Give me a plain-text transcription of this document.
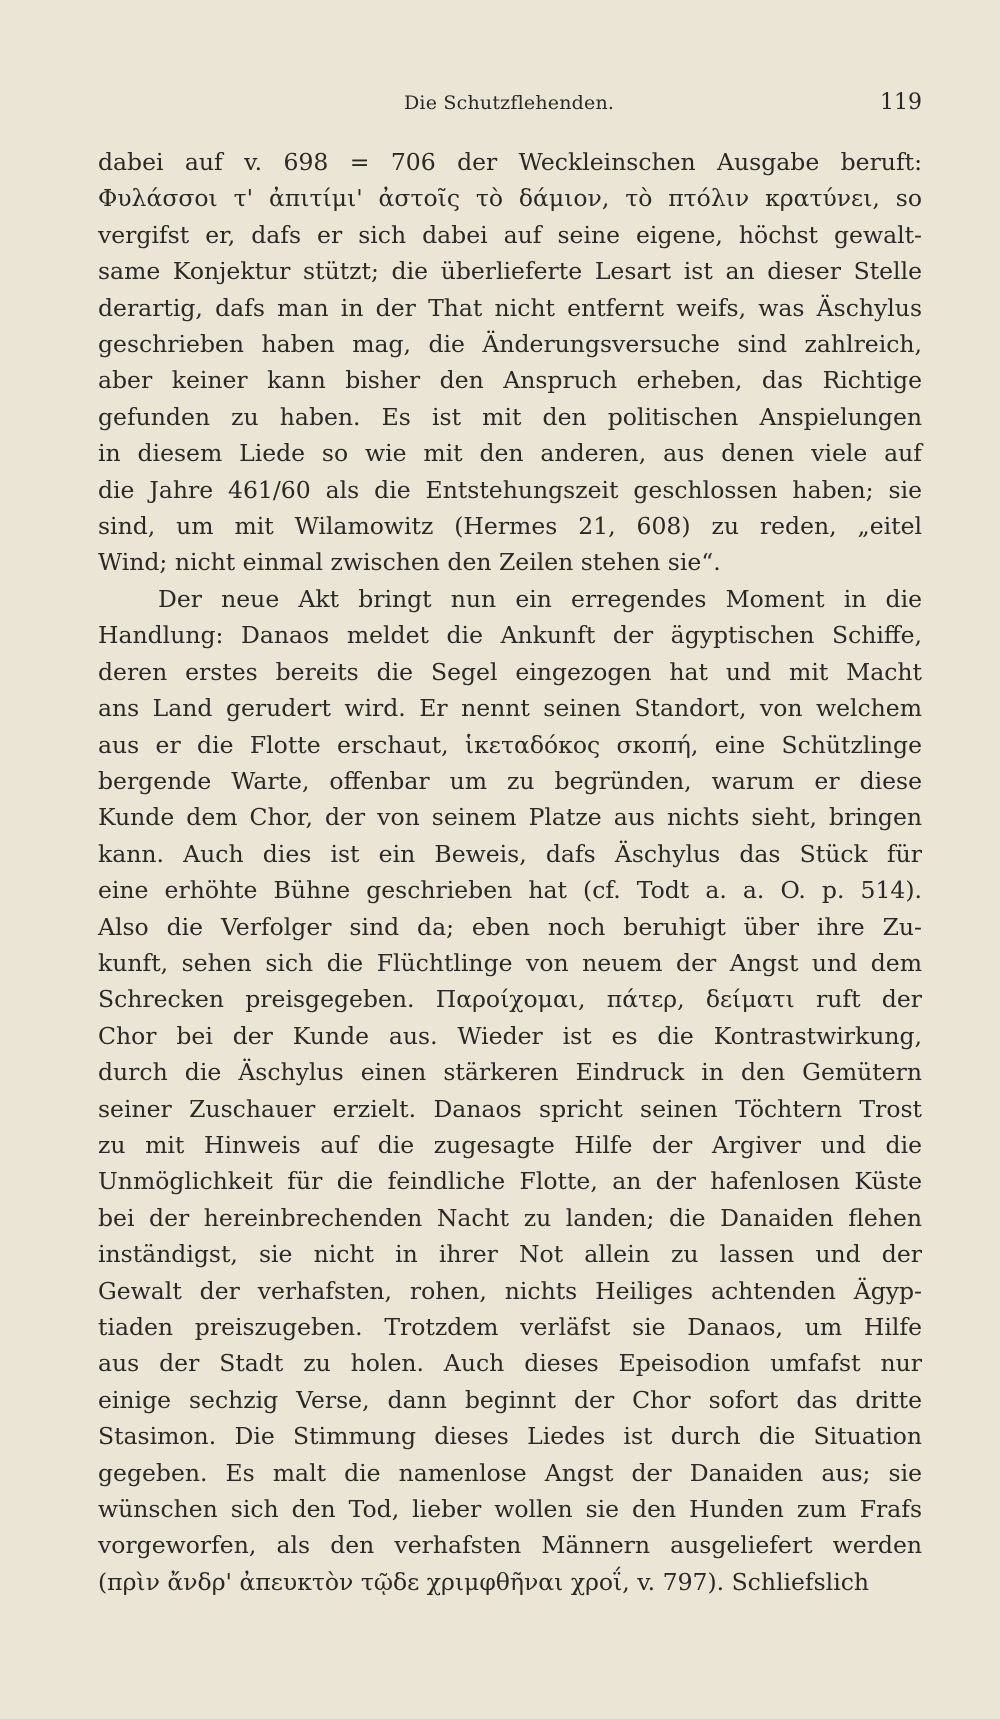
Die Schutzflehenden.	119

dabei auf v. 698 = 706 der Weckleinschen Ausgabe beruft:
Φυλάσσοι τ' ἀπιτίμι' ἀστοῖς τὸ δάμιον, τὸ πτόλιν κρατύνει, so
vergifst er, dafs er sich dabei auf seine eigene, höchst gewalt-
same Konjektur stützt; die überlieferte Lesart ist an dieser Stelle
derartig, dafs man in der That nicht entfernt weifs, was Äschylus
geschrieben haben mag, die Änderungsversuche sind zahlreich,
aber keiner kann bisher den Anspruch erheben, das Richtige
gefunden zu haben. Es ist mit den politischen Anspielungen
in diesem Liede so wie mit den anderen, aus denen viele auf
die Jahre 461/60 als die Entstehungszeit geschlossen haben; sie
sind, um mit Wilamowitz (Hermes 21, 608) zu reden, „eitel
Wind; nicht einmal zwischen den Zeilen stehen sie“.

Der neue Akt bringt nun ein erregendes Moment in die
Handlung: Danaos meldet die Ankunft der ägyptischen Schiffe,
deren erstes bereits die Segel eingezogen hat und mit Macht
ans Land gerudert wird. Er nennt seinen Standort, von welchem
aus er die Flotte erschaut, ἱκεταδόκος σκοπή, eine Schützlinge
bergende Warte, offenbar um zu begründen, warum er diese
Kunde dem Chor, der von seinem Platze aus nichts sieht, bringen
kann. Auch dies ist ein Beweis, dafs Äschylus das Stück für
eine erhöhte Bühne geschrieben hat (cf. Todt a. a. O. p. 514).
Also die Verfolger sind da; eben noch beruhigt über ihre Zu-
kunft, sehen sich die Flüchtlinge von neuem der Angst und dem
Schrecken preisgegeben. Παροίχομαι, πάτερ, δείματι ruft der
Chor bei der Kunde aus. Wieder ist es die Kontrastwirkung,
durch die Äschylus einen stärkeren Eindruck in den Gemütern
seiner Zuschauer erzielt. Danaos spricht seinen Töchtern Trost
zu mit Hinweis auf die zugesagte Hilfe der Argiver und die
Unmöglichkeit für die feindliche Flotte, an der hafenlosen Küste
bei der hereinbrechenden Nacht zu landen; die Danaiden flehen
inständigst, sie nicht in ihrer Not allein zu lassen und der
Gewalt der verhafsten, rohen, nichts Heiliges achtenden Ägyp-
tiaden preiszugeben. Trotzdem verläfst sie Danaos, um Hilfe
aus der Stadt zu holen. Auch dieses Epeisodion umfafst nur
einige sechzig Verse, dann beginnt der Chor sofort das dritte
Stasimon. Die Stimmung dieses Liedes ist durch die Situation
gegeben. Es malt die namenlose Angst der Danaiden aus; sie
wünschen sich den Tod, lieber wollen sie den Hunden zum Frafs
vorgeworfen, als den verhafsten Männern ausgeliefert werden
(πρὶν ἄνδρ' ἀπευκτὸν τῷδε χριμφθῆναι χροΐ, v. 797). Schliefslich
